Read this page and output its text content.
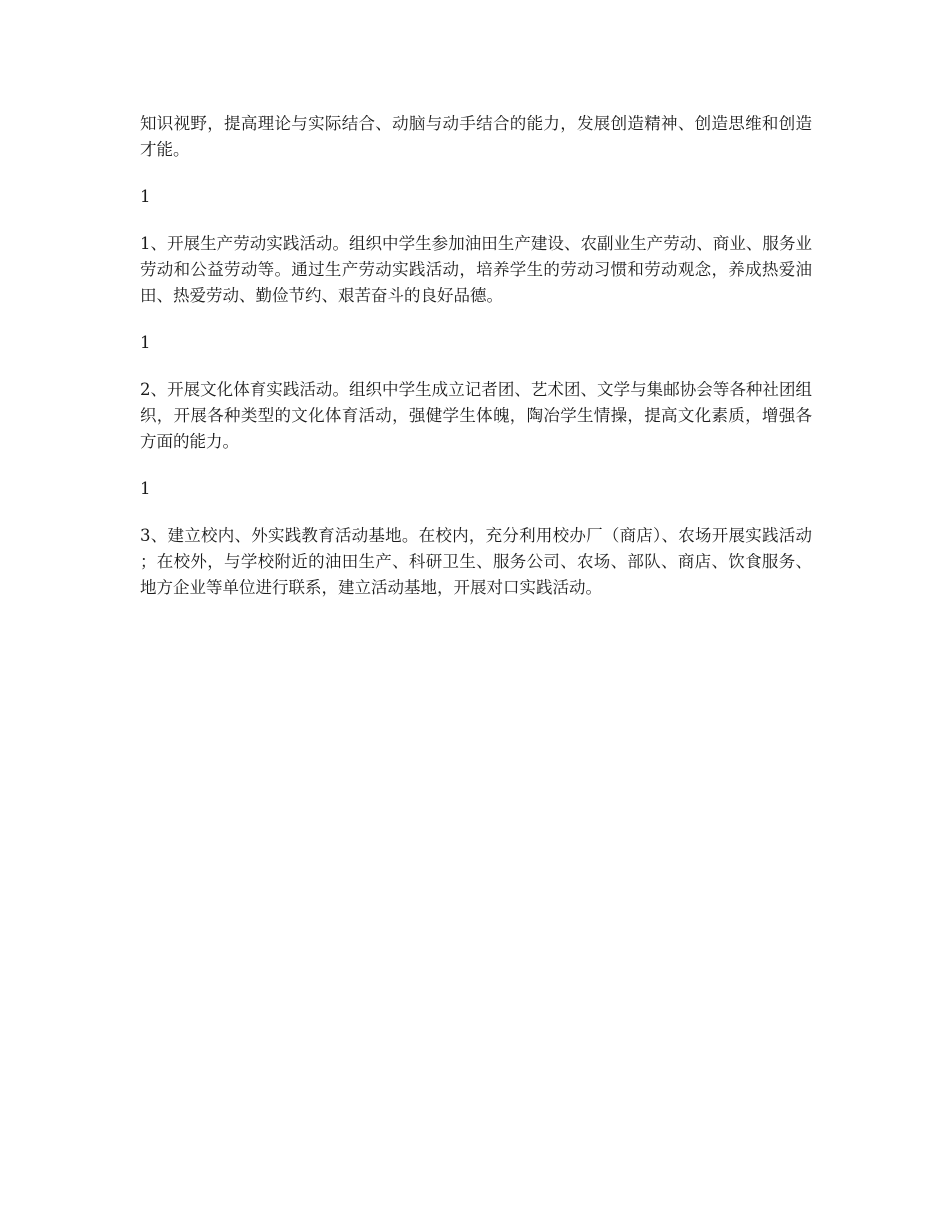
知识视野，提高理论与实际结合、动脑与动手结合的能力，发展创造精神、创造思维和创造才能。

1

1、开展生产劳动实践活动。组织中学生参加油田生产建设、农副业生产劳动、商业、服务业劳动和公益劳动等。通过生产劳动实践活动，培养学生的劳动习惯和劳动观念，养成热爱油田、热爱劳动、勤俭节约、艰苦奋斗的良好品德。

1

2、开展文化体育实践活动。组织中学生成立记者团、艺术团、文学与集邮协会等各种社团组织，开展各种类型的文化体育活动，强健学生体魄，陶冶学生情操，提高文化素质，增强各方面的能力。

1

3、建立校内、外实践教育活动基地。在校内，充分利用校办厂（商店）、农场开展实践活动；在校外，与学校附近的油田生产、科研卫生、服务公司、农场、部队、商店、饮食服务、地方企业等单位进行联系，建立活动基地，开展对口实践活动。
